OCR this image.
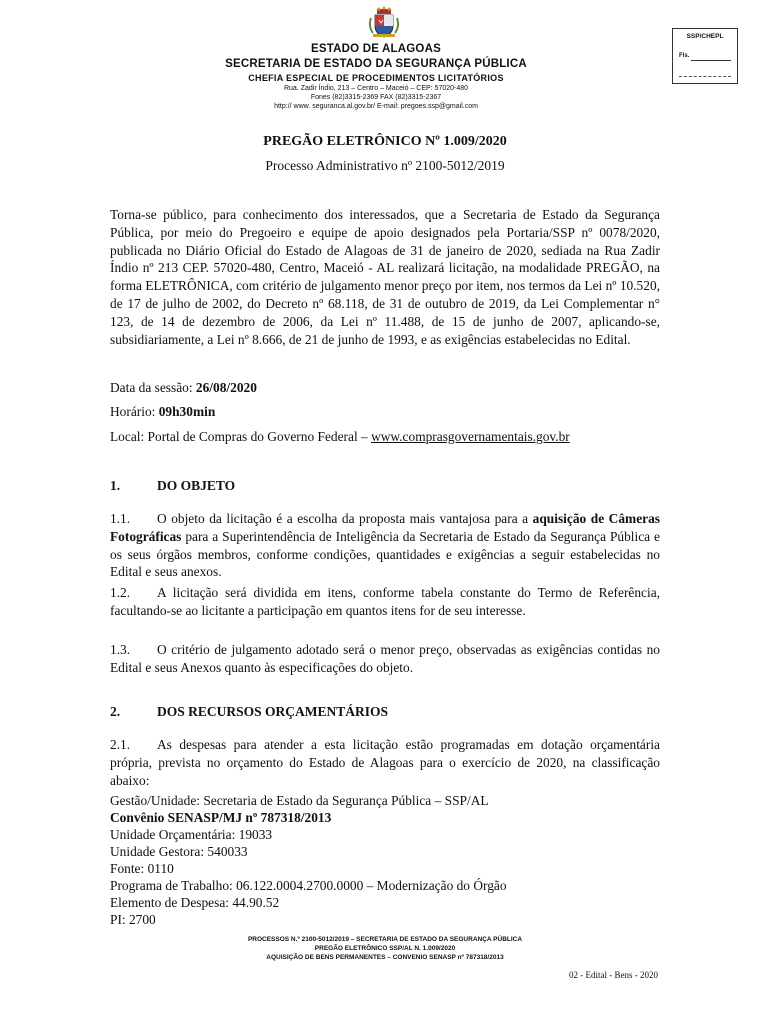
SSP/CHEPL
Fls.
ESTADO DE ALAGOAS
SECRETARIA DE ESTADO DA SEGURANÇA PÚBLICA
CHEFIA ESPECIAL DE PROCEDIMENTOS LICITATÓRIOS
Rua. Zadir Índio, 213 – Centro – Maceió – CEP: 57020-480
Fones (82)3315-2369 FAX (82)3315-2367
http:// www. seguranca.al.gov.br/ E-mail: pregoes.ssp@gmail.com
PREGÃO ELETRÔNICO Nº 1.009/2020
Processo Administrativo nº 2100-5012/2019

Torna-se público, para conhecimento dos interessados, que a Secretaria de Estado da Segurança Pública, por meio do Pregoeiro e equipe de apoio designados pela Portaria/SSP nº 0078/2020, publicada no Diário Oficial do Estado de Alagoas de 31 de janeiro de 2020, sediada na Rua Zadir Índio nº 213 CEP. 57020-480, Centro, Maceió - AL realizará licitação, na modalidade PREGÃO, na forma ELETRÔNICA, com critério de julgamento menor preço por item, nos termos da Lei nº 10.520, de 17 de julho de 2002, do Decreto nº 68.118, de 31 de outubro de 2019, da Lei Complementar n° 123, de 14 de dezembro de 2006, da Lei nº 11.488, de 15 de junho de 2007, aplicando-se, subsidiariamente, a Lei nº 8.666, de 21 de junho de 1993, e as exigências estabelecidas no Edital.

Data da sessão: 26/08/2020
Horário: 09h30min
Local: Portal de Compras do Governo Federal – www.comprasgovernamentais.gov.br
1.	DO OBJETO

1.1. O objeto da licitação é a escolha da proposta mais vantajosa para a aquisição de Câmeras Fotográficas para a Superintendência de Inteligência da Secretaria de Estado da Segurança Pública e os seus órgãos membros, conforme condições, quantidades e exigências a seguir estabelecidas no Edital e seus anexos.

1.2. A licitação será dividida em itens, conforme tabela constante do Termo de Referência, facultando-se ao licitante a participação em quantos itens for de seu interesse.

1.3. O critério de julgamento adotado será o menor preço, observadas as exigências contidas no Edital e seus Anexos quanto às especificações do objeto.

2.	DOS RECURSOS ORÇAMENTÁRIOS

2.1. As despesas para atender a esta licitação estão programadas em dotação orçamentária própria, prevista no orçamento do Estado de Alagoas para o exercício de 2020, na classificação abaixo:

Gestão/Unidade: Secretaria de Estado da Segurança Pública – SSP/AL
Convênio SENASP/MJ nº 787318/2013
Unidade Orçamentária: 19033
Unidade Gestora: 540033
Fonte: 0110
Programa de Trabalho: 06.122.0004.2700.0000 – Modernização do Órgão
Elemento de Despesa: 44.90.52
PI: 2700
PROCESSOS N.º 2100-5012/2019 – SECRETARIA DE ESTADO DA SEGURANÇA PÚBLICA
PREGÃO ELETRÔNICO SSP/AL N. 1.009/2020
AQUISIÇÃO DE BENS PERMANENTES – CONVENIO SENASP nº 787318/2013
02 - Edital - Bens - 2020
